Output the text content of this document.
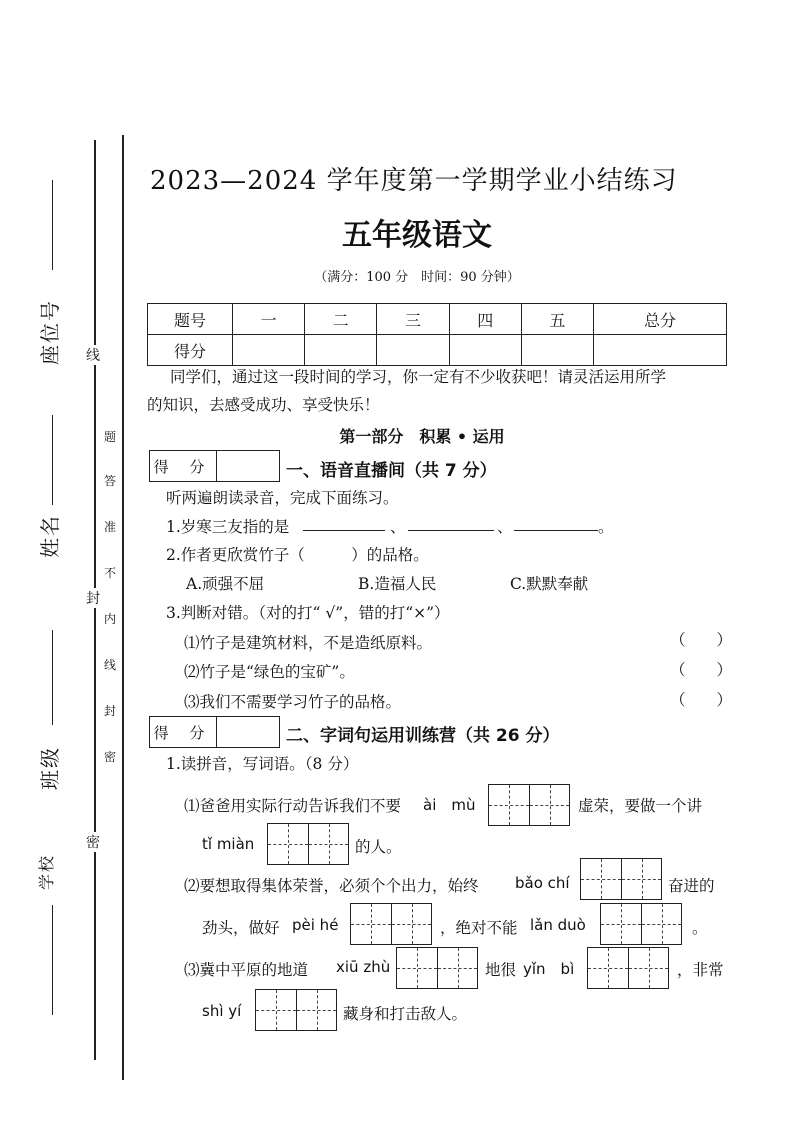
座位号
姓名
班级
学校
线
封
密
题
答
准
不
内
线
封
密
2023—2024 学年度第一学期学业小结练习
五年级语文
（满分：100 分　时间：90 分钟）
题号	一	二	三	四	五	总分
得分						
同学们，通过这一段时间的学习，你一定有不少收获吧！请灵活运用所学
的知识，去感受成功、享受快乐！
第一部分　积累 • 运用
得 分	一、语音直播间（共 7 分）
听两遍朗读录音，完成下面练习。
1.岁寒三友指的是	、	、	。
2.作者更欣赏竹子（　　　）的品格。
A.顽强不屈	B.造福人民	C.默默奉献
3.判断对错。（对的打“ √”，错的打“×”）
⑴竹子是建筑材料，不是造纸原料。	（　　）
⑵竹子是“绿色的宝矿”。	（　　）
⑶我们不需要学习竹子的品格。	（　　）
得 分	二、字词句运用训练营（共 26 分）
1.读拼音，写词语。（8 分）
⑴爸爸用实际行动告诉我们不要 ài　mù	虚荣，要做一个讲
tǐ miàn	的人。
⑵要想取得集体荣誉，必须个个出力，始终 bǎo chí	奋进的
劲头，做好 pèi hé	，绝对不能 lǎn duò	。
⑶冀中平原的地道 xiū zhù	地很 yǐn　bì	，非常
shì yí	藏身和打击敌人。
